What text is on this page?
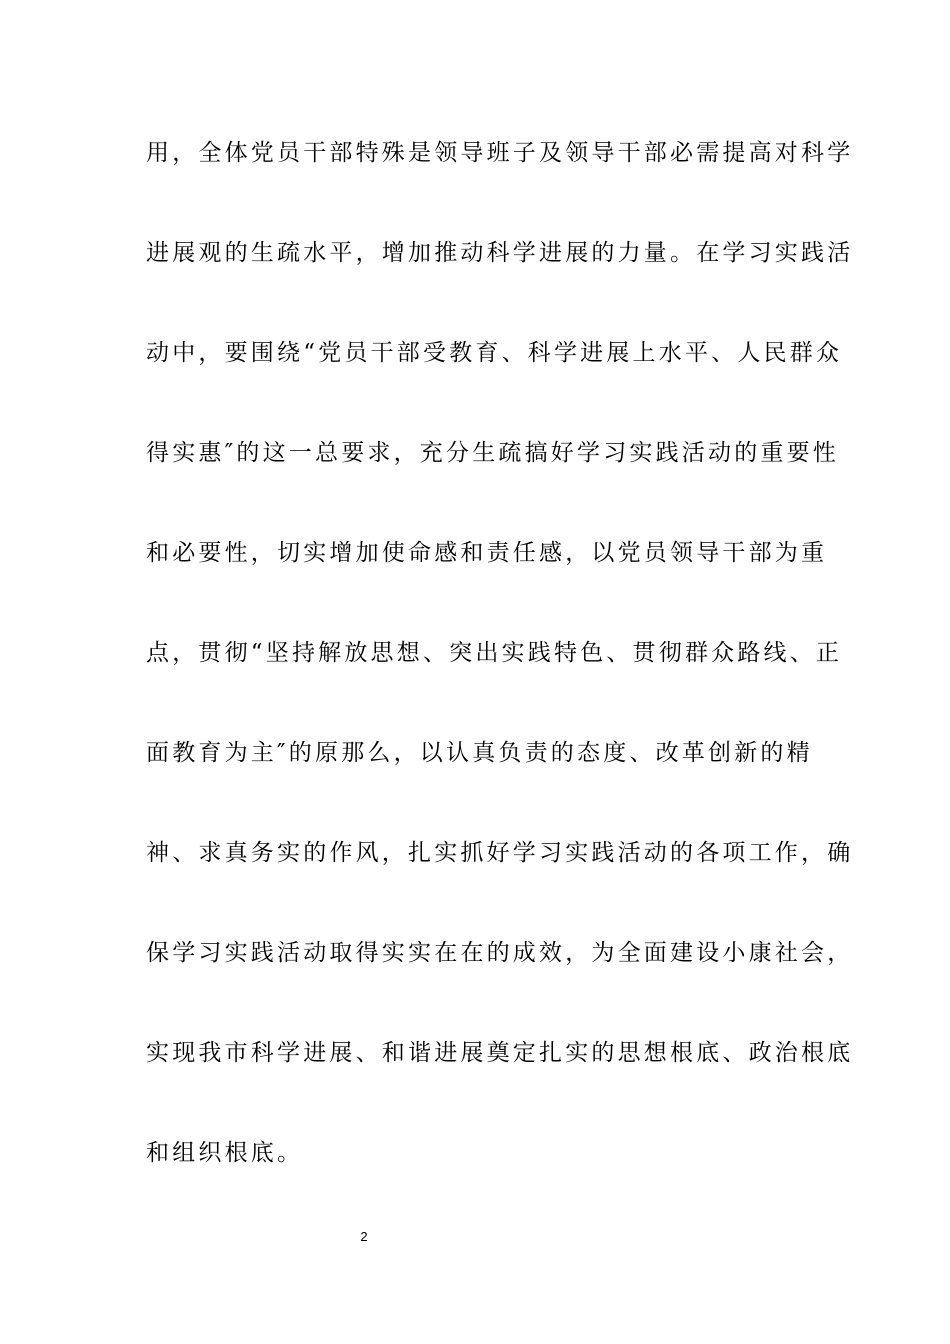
用，全体党员干部特殊是领导班子及领导干部必需提高对科学
进展观的生疏水平，增加推动科学进展的力量。在学习实践活
动中，要围绕“党员干部受教育、科学进展上水平、人民群众
得实惠″的这一总要求，充分生疏搞好学习实践活动的重要性
和必要性，切实增加使命感和责任感，以党员领导干部为重
点，贯彻“坚持解放思想、突出实践特色、贯彻群众路线、正
面教育为主″的原那么，以认真负责的态度、改革创新的精
神、求真务实的作风，扎实抓好学习实践活动的各项工作，确
保学习实践活动取得实实在在的成效，为全面建设小康社会，
实现我市科学进展、和谐进展奠定扎实的思想根底、政治根底
和组织根底。
2
